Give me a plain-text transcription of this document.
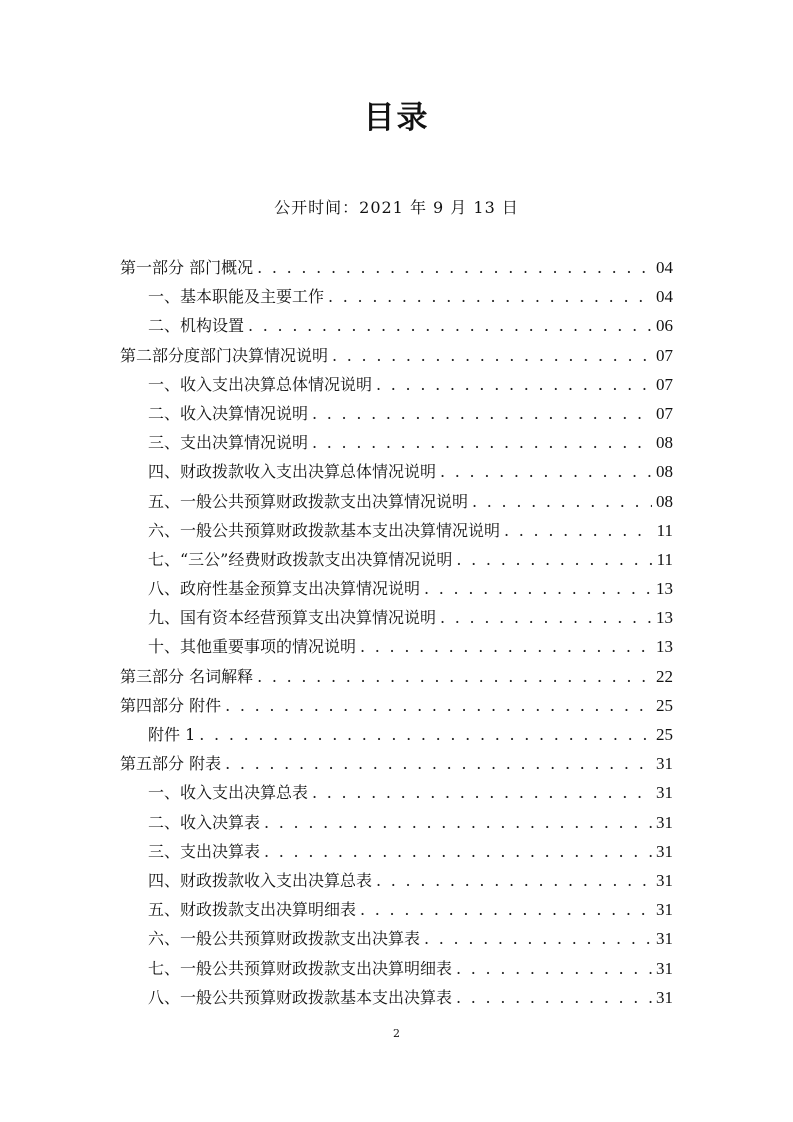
目录
公开时间：2021 年 9 月 13 日
第一部分 部门概况 . . .	04
一、基本职能及主要工作 . . .	04
二、机构设置 . . .	06
第二部分度部门决算情况说明 . . .	07
一、收入支出决算总体情况说明 . . .	07
二、收入决算情况说明 . . .	07
三、支出决算情况说明 . . .	08
四、财政拨款收入支出决算总体情况说明 . . .	08
五、一般公共预算财政拨款支出决算情况说明 . . .	08
六、一般公共预算财政拨款基本支出决算情况说明 . . .	11
七、“三公”经费财政拨款支出决算情况说明 . . .	11
八、政府性基金预算支出决算情况说明 . . .	13
九、国有资本经营预算支出决算情况说明 . . .	13
十、其他重要事项的情况说明 . . .	13
第三部分 名词解释 . . .	22
第四部分 附件 . . .	25
附件 1 . . .	25
第五部分 附表 . . .	31
一、收入支出决算总表 . . .	31
二、收入决算表 . . .	31
三、支出决算表 . . .	31
四、财政拨款收入支出决算总表 . . .	31
五、财政拨款支出决算明细表 . . .	31
六、一般公共预算财政拨款支出决算表 . . .	31
七、一般公共预算财政拨款支出决算明细表 . . .	31
八、一般公共预算财政拨款基本支出决算表 . . .	31
2
